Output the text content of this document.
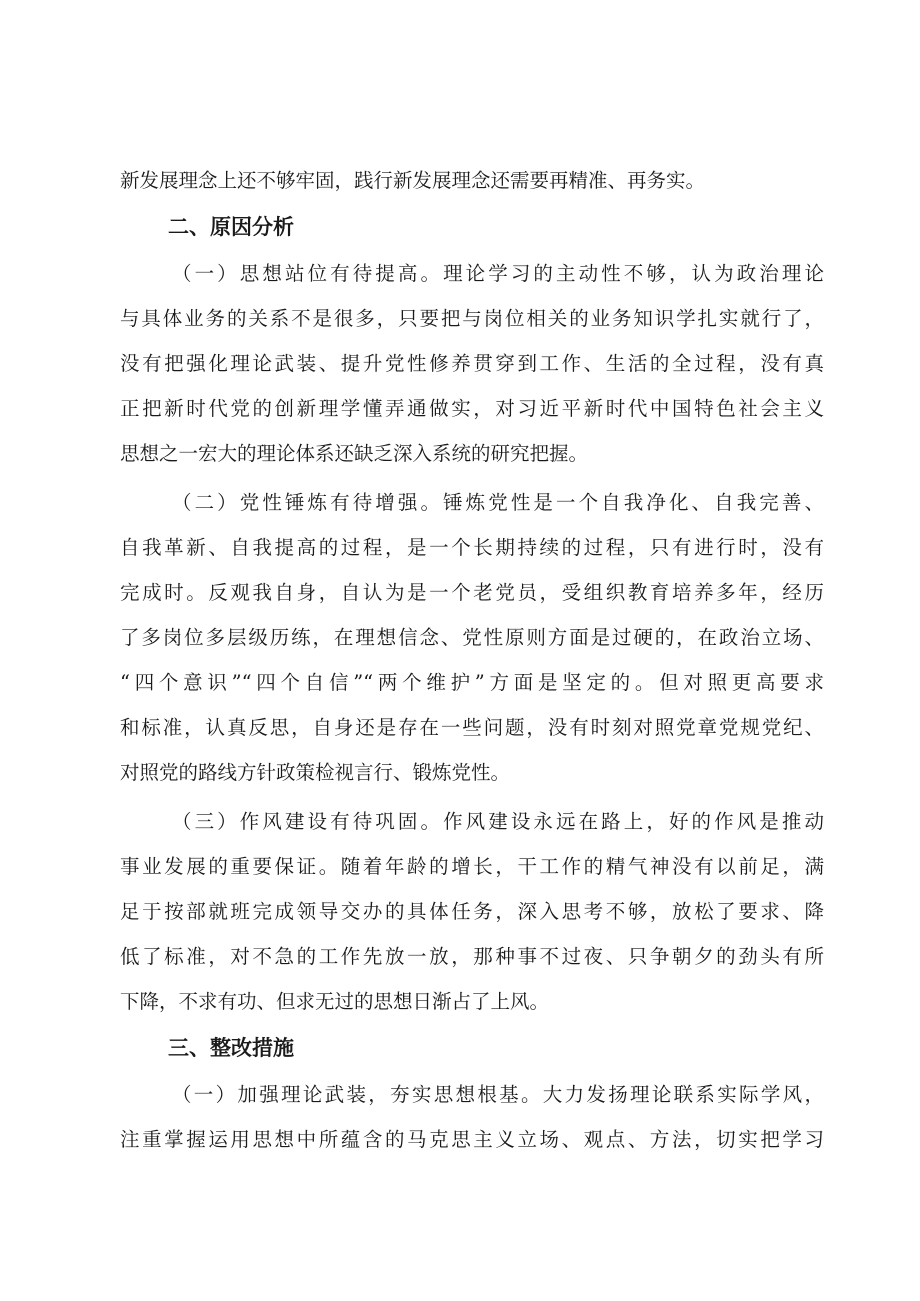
新发展理念上还不够牢固，践行新发展理念还需要再精准、再务实。
二、原因分析
（一）思想站位有待提高。理论学习的主动性不够，认为政治理论
与具体业务的关系不是很多，只要把与岗位相关的业务知识学扎实就行了，
没有把强化理论武装、提升党性修养贯穿到工作、生活的全过程，没有真
正把新时代党的创新理学懂弄通做实，对习近平新时代中国特色社会主义
思想之一宏大的理论体系还缺乏深入系统的研究把握。
（二）党性锤炼有待增强。锤炼党性是一个自我净化、自我完善、
自我革新、自我提高的过程，是一个长期持续的过程，只有进行时，没有
完成时。反观我自身，自认为是一个老党员，受组织教育培养多年，经历
了多岗位多层级历练，在理想信念、党性原则方面是过硬的，在政治立场、
“四个意识”“四个自信”“两个维护”方面是坚定的。但对照更高要求
和标准，认真反思，自身还是存在一些问题，没有时刻对照党章党规党纪、
对照党的路线方针政策检视言行、锻炼党性。
（三）作风建设有待巩固。作风建设永远在路上，好的作风是推动
事业发展的重要保证。随着年龄的增长，干工作的精气神没有以前足，满
足于按部就班完成领导交办的具体任务，深入思考不够，放松了要求、降
低了标准，对不急的工作先放一放，那种事不过夜、只争朝夕的劲头有所
下降，不求有功、但求无过的思想日渐占了上风。
三、整改措施
（一）加强理论武装，夯实思想根基。大力发扬理论联系实际学风，
注重掌握运用思想中所蕴含的马克思主义立场、观点、方法，切实把学习
